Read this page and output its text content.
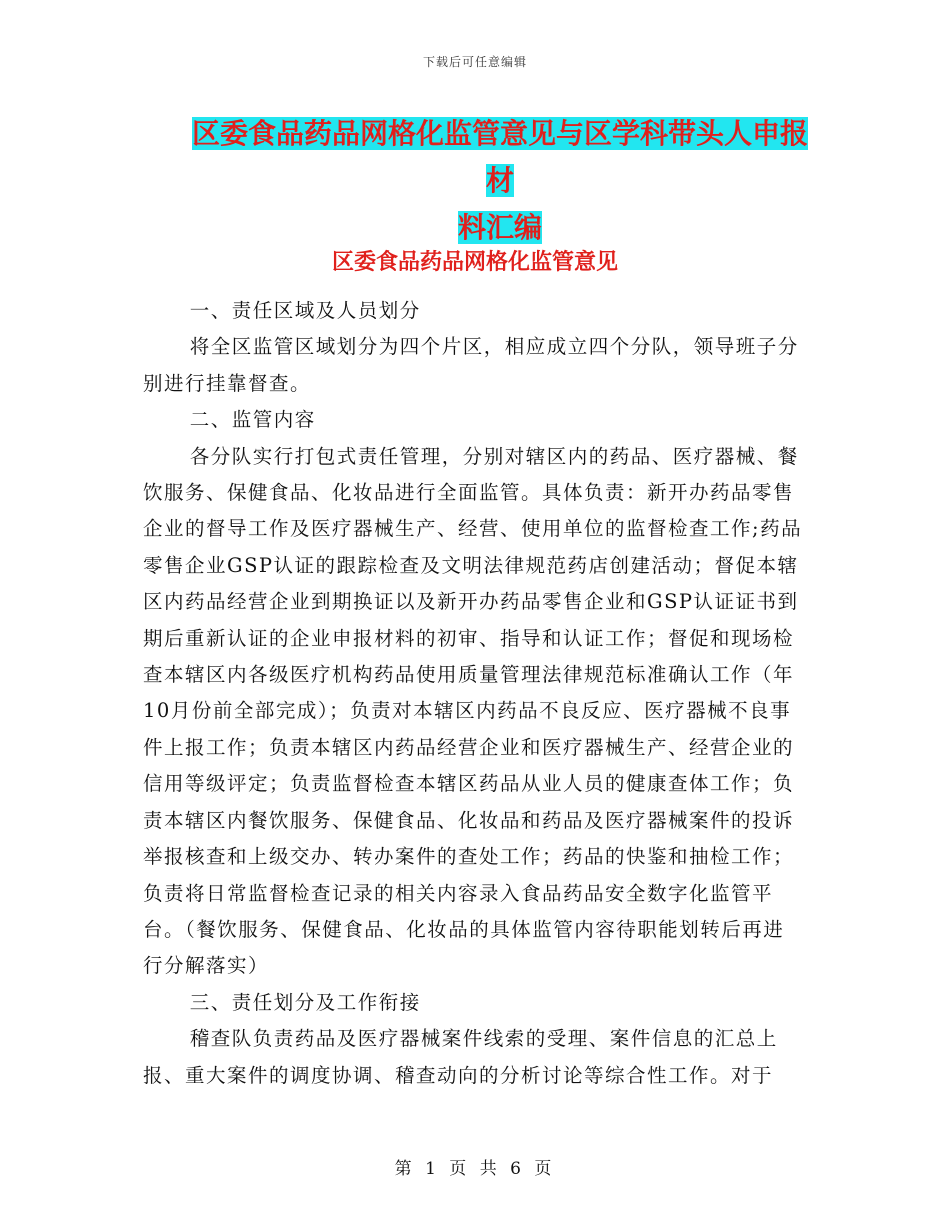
下载后可任意编辑
区委食品药品网格化监管意见与区学科带头人申报材
料汇编
区委食品药品网格化监管意见

一、责任区域及人员划分

将全区监管区域划分为四个片区，相应成立四个分队，领导班子分别进行挂靠督查。

二、监管内容

各分队实行打包式责任管理，分别对辖区内的药品、医疗器械、餐饮服务、保健食品、化妆品进行全面监管。具体负责：新开办药品零售企业的督导工作及医疗器械生产、经营、使用单位的监督检查工作;药品零售企业GSP认证的跟踪检查及文明法律规范药店创建活动；督促本辖区内药品经营企业到期换证以及新开办药品零售企业和GSP认证证书到期后重新认证的企业申报材料的初审、指导和认证工作；督促和现场检查本辖区内各级医疗机构药品使用质量管理法律规范标准确认工作（年10月份前全部完成）；负责对本辖区内药品不良反应、医疗器械不良事件上报工作；负责本辖区内药品经营企业和医疗器械生产、经营企业的信用等级评定；负责监督检查本辖区药品从业人员的健康查体工作；负责本辖区内餐饮服务、保健食品、化妆品和药品及医疗器械案件的投诉举报核查和上级交办、转办案件的查处工作；药品的快鉴和抽检工作；负责将日常监督检查记录的相关内容录入食品药品安全数字化监管平台。（餐饮服务、保健食品、化妆品的具体监管内容待职能划转后再进行分解落实）

三、责任划分及工作衔接

稽查队负责药品及医疗器械案件线索的受理、案件信息的汇总上报、重大案件的调度协调、稽查动向的分析讨论等综合性工作。对于

第 1 页 共 6 页
